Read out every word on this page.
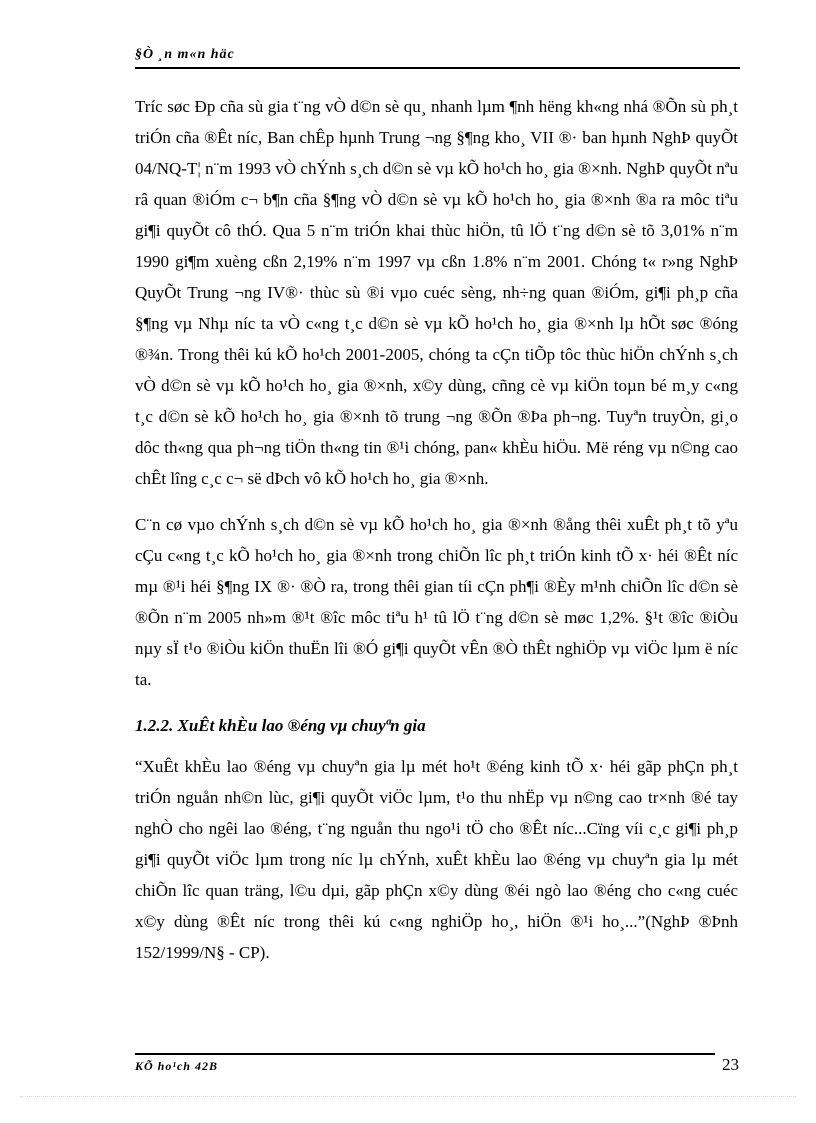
§Ò ¸n m«n häc

Tríc søc Ðp cña sù gia t¨ng vÒ d©n sè qu¸ nhanh lµm ¶nh hëng kh«ng nhá ®Õn sù ph¸t triÓn cña ®Êt níc, Ban chÊp hµnh Trung ¬ng §¶ng kho¸ VII ®· ban hµnh NghÞ quyÕt 04/NQ-T¦ n¨m 1993 vÒ chÝnh s¸ch d©n sè vµ kÕ ho¹ch ho¸ gia ®×nh. NghÞ quyÕt nªu râ quan ®iÓm c¬ b¶n cña §¶ng vÒ d©n sè vµ kÕ ho¹ch ho¸ gia ®×nh ®a ra môc tiªu gi¶i quyÕt cô thÓ. Qua 5 n¨m triÓn khai thùc hiÖn, tû lÖ t¨ng d©n sè tõ 3,01% n¨m 1990 gi¶m xuèng cßn 2,19% n¨m 1997 vµ cßn 1.8% n¨m 2001. Chóng t« r»ng NghÞ QuyÕt Trung ¬ng IV®· thùc sù ®i vµo cuéc sèng, nh÷ng quan ®iÓm, gi¶i ph¸p cña §¶ng vµ Nhµ níc ta vÒ c«ng t¸c d©n sè vµ kÕ ho¹ch ho¸ gia ®×nh lµ hÕt søc ®óng ®¾n. Trong thêi kú kÕ ho¹ch 2001-2005, chóng ta cÇn tiÕp tôc thùc hiÖn chÝnh s¸ch vÒ d©n sè vµ kÕ ho¹ch ho¸ gia ®×nh, x©y dùng, cñng cè vµ kiÖn toµn bé m¸y c«ng t¸c d©n sè kÕ ho¹ch ho¸ gia ®×nh tõ trung ¬ng ®Õn ®Þa ph¬ng. Tuyªn truyÒn, gi¸o dôc th«ng qua ph¬ng tiÖn th«ng tin ®¹i chóng, pan« khÈu hiÖu. Më réng vµ n©ng cao chÊt lîng c¸c c¬ së dÞch vô kÕ ho¹ch ho¸ gia ®×nh.

C¨n cø vµo chÝnh s¸ch d©n sè vµ kÕ ho¹ch ho¸ gia ®×nh ®ång thêi xuÊt ph¸t tõ yªu cÇu c«ng t¸c kÕ ho¹ch ho¸ gia ®×nh trong chiÕn lîc ph¸t triÓn kinh tÕ x· héi ®Êt níc mµ ®¹i héi §¶ng IX ®· ®Ò ra, trong thêi gian tíi cÇn ph¶i ®Èy m¹nh chiÕn lîc d©n sè ®Õn n¨m 2005 nh»m ®¹t ®îc môc tiªu h¹ tû lÖ t¨ng d©n sè møc 1,2%. §¹t ®îc ®iÒu nµy sÏ t¹o ®iÒu kiÖn thuËn lîi ®Ó gi¶i quyÕt vÊn ®Ò thÊt nghiÖp vµ viÖc lµm ë níc ta.

1.2.2. XuÊt khÈu lao ®éng vµ chuyªn gia

“XuÊt khÈu lao ®éng vµ chuyªn gia lµ mét ho¹t ®éng kinh tÕ x· héi gãp phÇn ph¸t triÓn nguån nh©n lùc, gi¶i quyÕt viÖc lµm, t¹o thu nhËp vµ n©ng cao tr×nh ®é tay nghÒ cho ngêi lao ®éng, t¨ng nguån thu ngo¹i tÖ cho ®Êt níc...Cïng víi c¸c gi¶i ph¸p gi¶i quyÕt viÖc lµm trong níc lµ chÝnh, xuÊt khÈu lao ®éng vµ chuyªn gia lµ mét chiÕn lîc quan träng, l©u dµi, gãp phÇn x©y dùng ®éi ngò lao ®éng cho c«ng cuéc x©y dùng ®Êt níc trong thêi kú c«ng nghiÖp ho¸, hiÖn ®¹i ho¸...”(NghÞ ®Þnh 152/1999/N§ - CP).

KÕ ho¹ch 42B	23
